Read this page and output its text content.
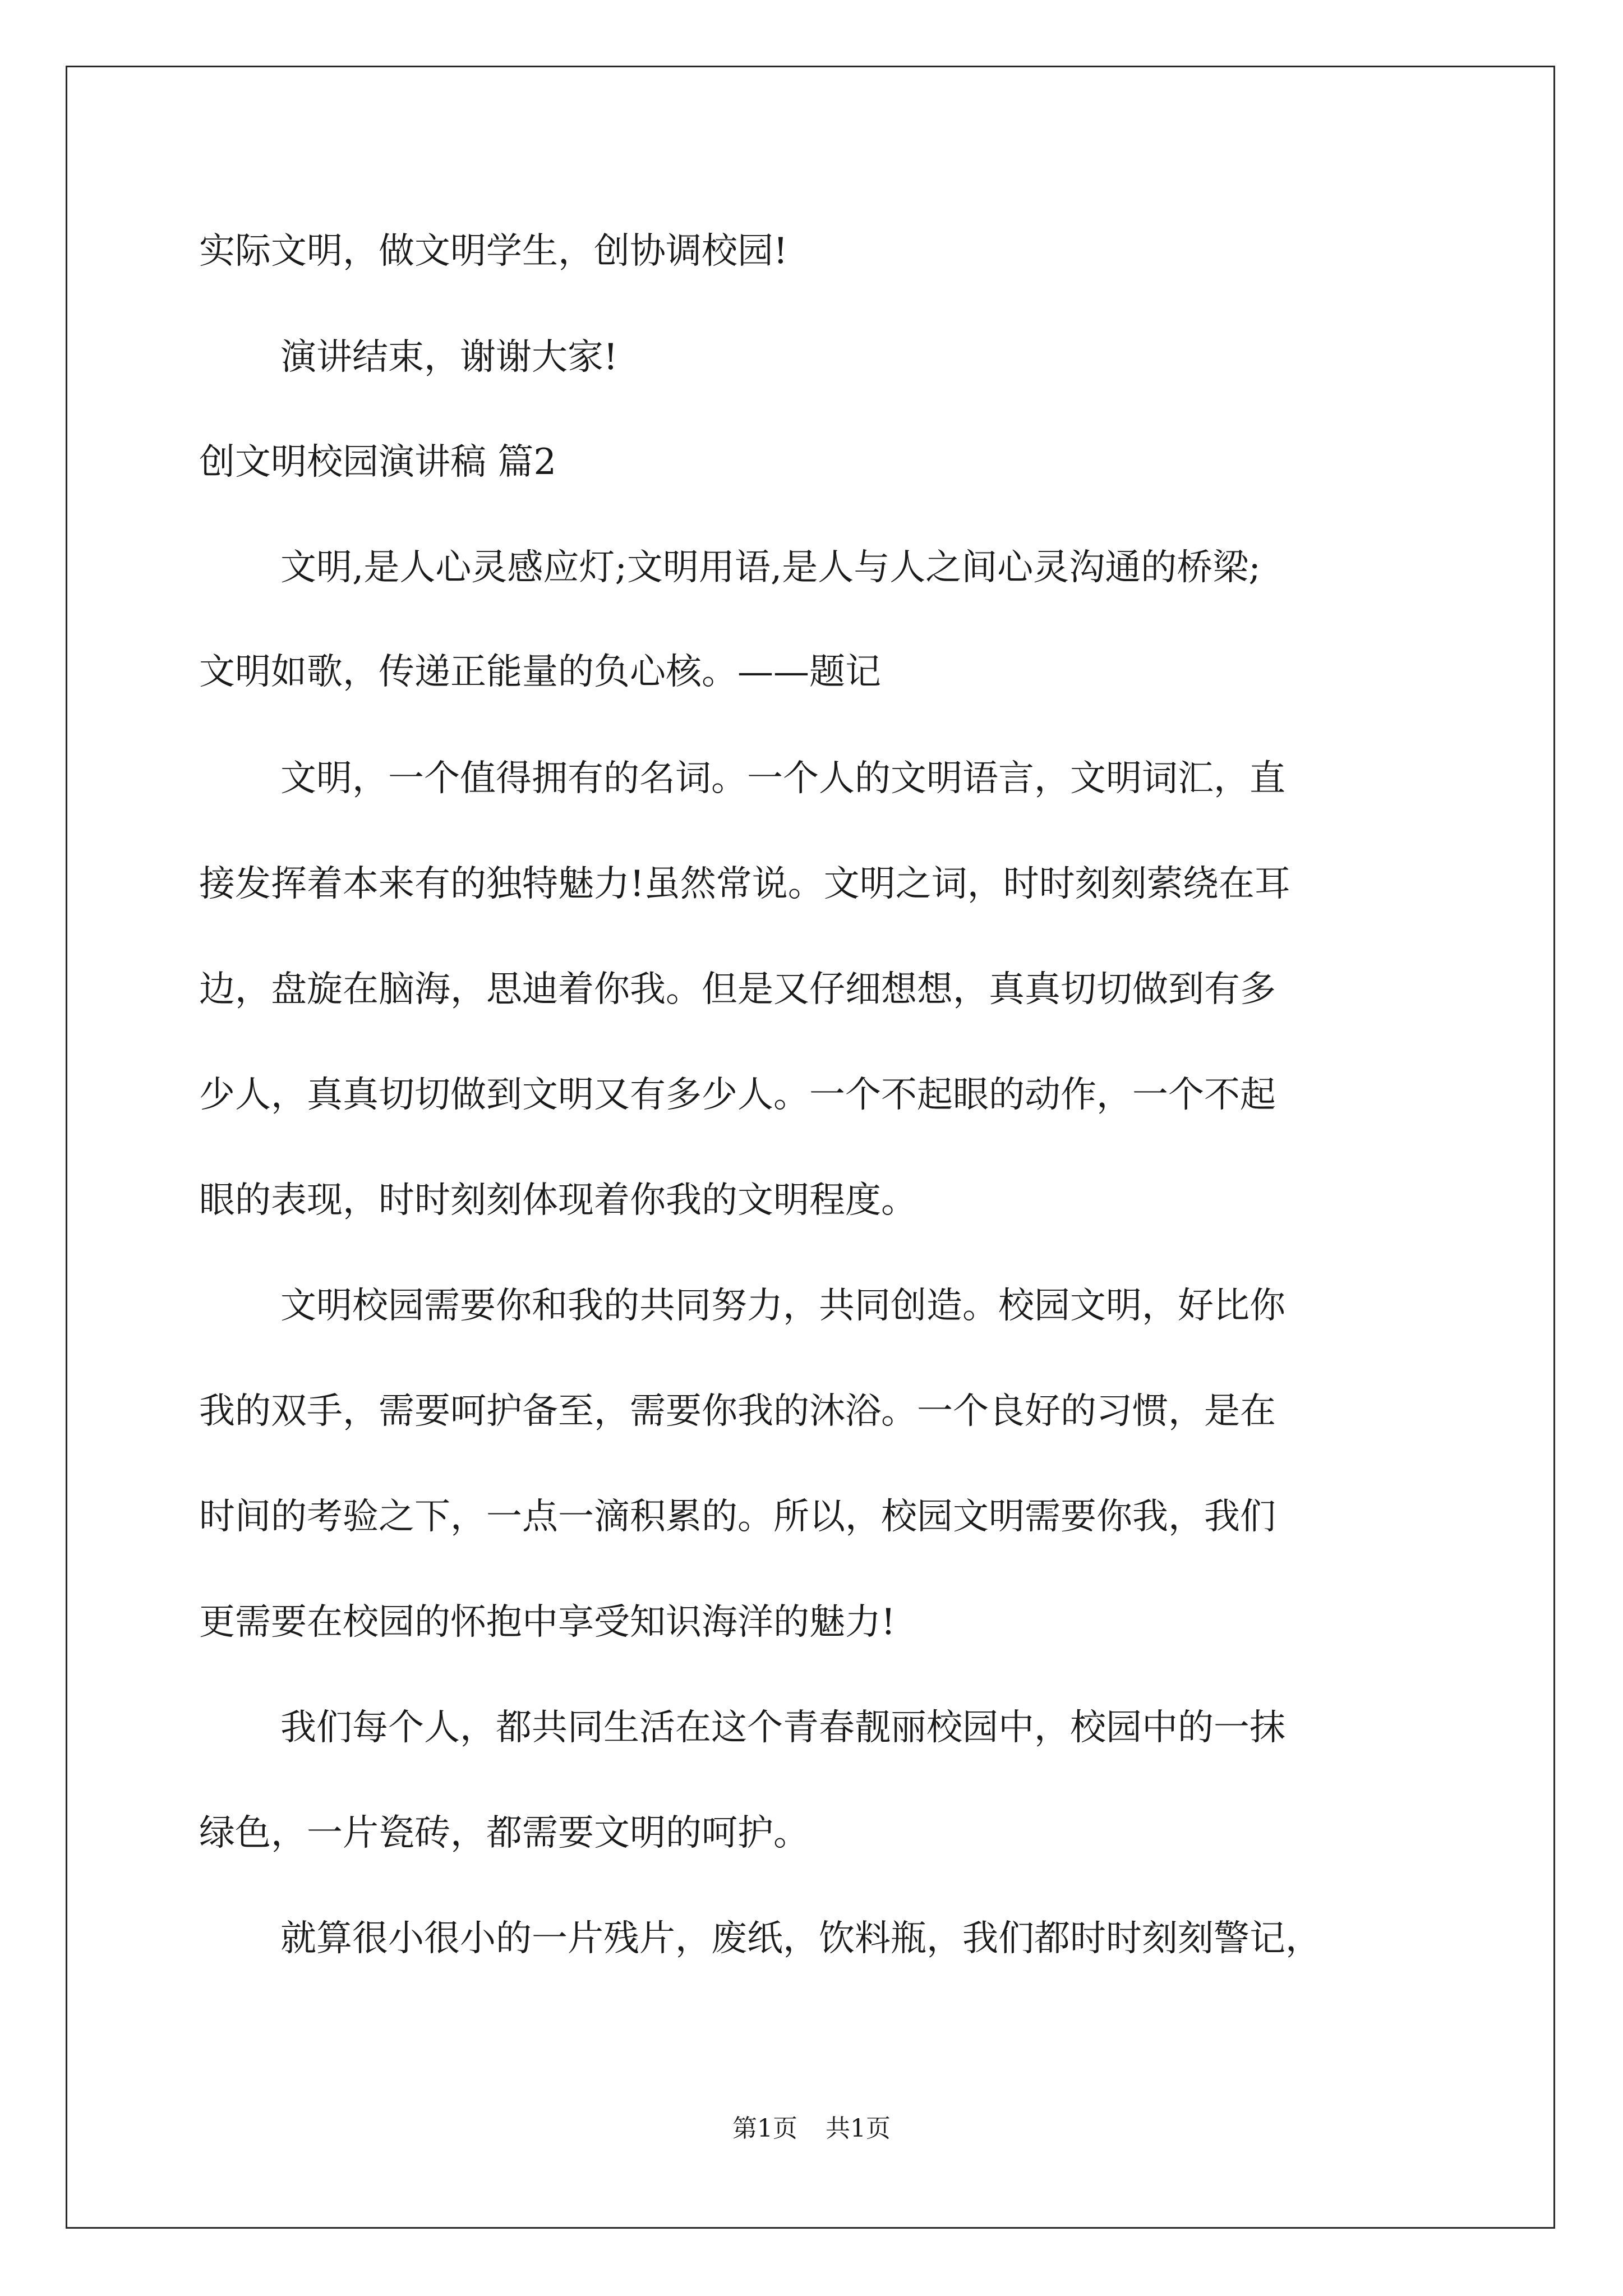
实际文明，做文明学生，创协调校园!
演讲结束，谢谢大家!
创文明校园演讲稿 篇2
文明,是人心灵感应灯;文明用语,是人与人之间心灵沟通的桥梁;
文明如歌，传递正能量的负心核。——题记
文明，一个值得拥有的名词。一个人的文明语言，文明词汇，直
接发挥着本来有的独特魅力!虽然常说。文明之词，时时刻刻萦绕在耳
边，盘旋在脑海，思迪着你我。但是又仔细想想，真真切切做到有多
少人，真真切切做到文明又有多少人。一个不起眼的动作，一个不起
眼的表现，时时刻刻体现着你我的文明程度。
文明校园需要你和我的共同努力，共同创造。校园文明，好比你
我的双手，需要呵护备至，需要你我的沐浴。一个良好的习惯，是在
时间的考验之下，一点一滴积累的。所以，校园文明需要你我，我们
更需要在校园的怀抱中享受知识海洋的魅力!
我们每个人，都共同生活在这个青春靓丽校园中，校园中的一抹
绿色，一片瓷砖，都需要文明的呵护。
就算很小很小的一片残片，废纸，饮料瓶，我们都时时刻刻警记，
第1页 共1页
